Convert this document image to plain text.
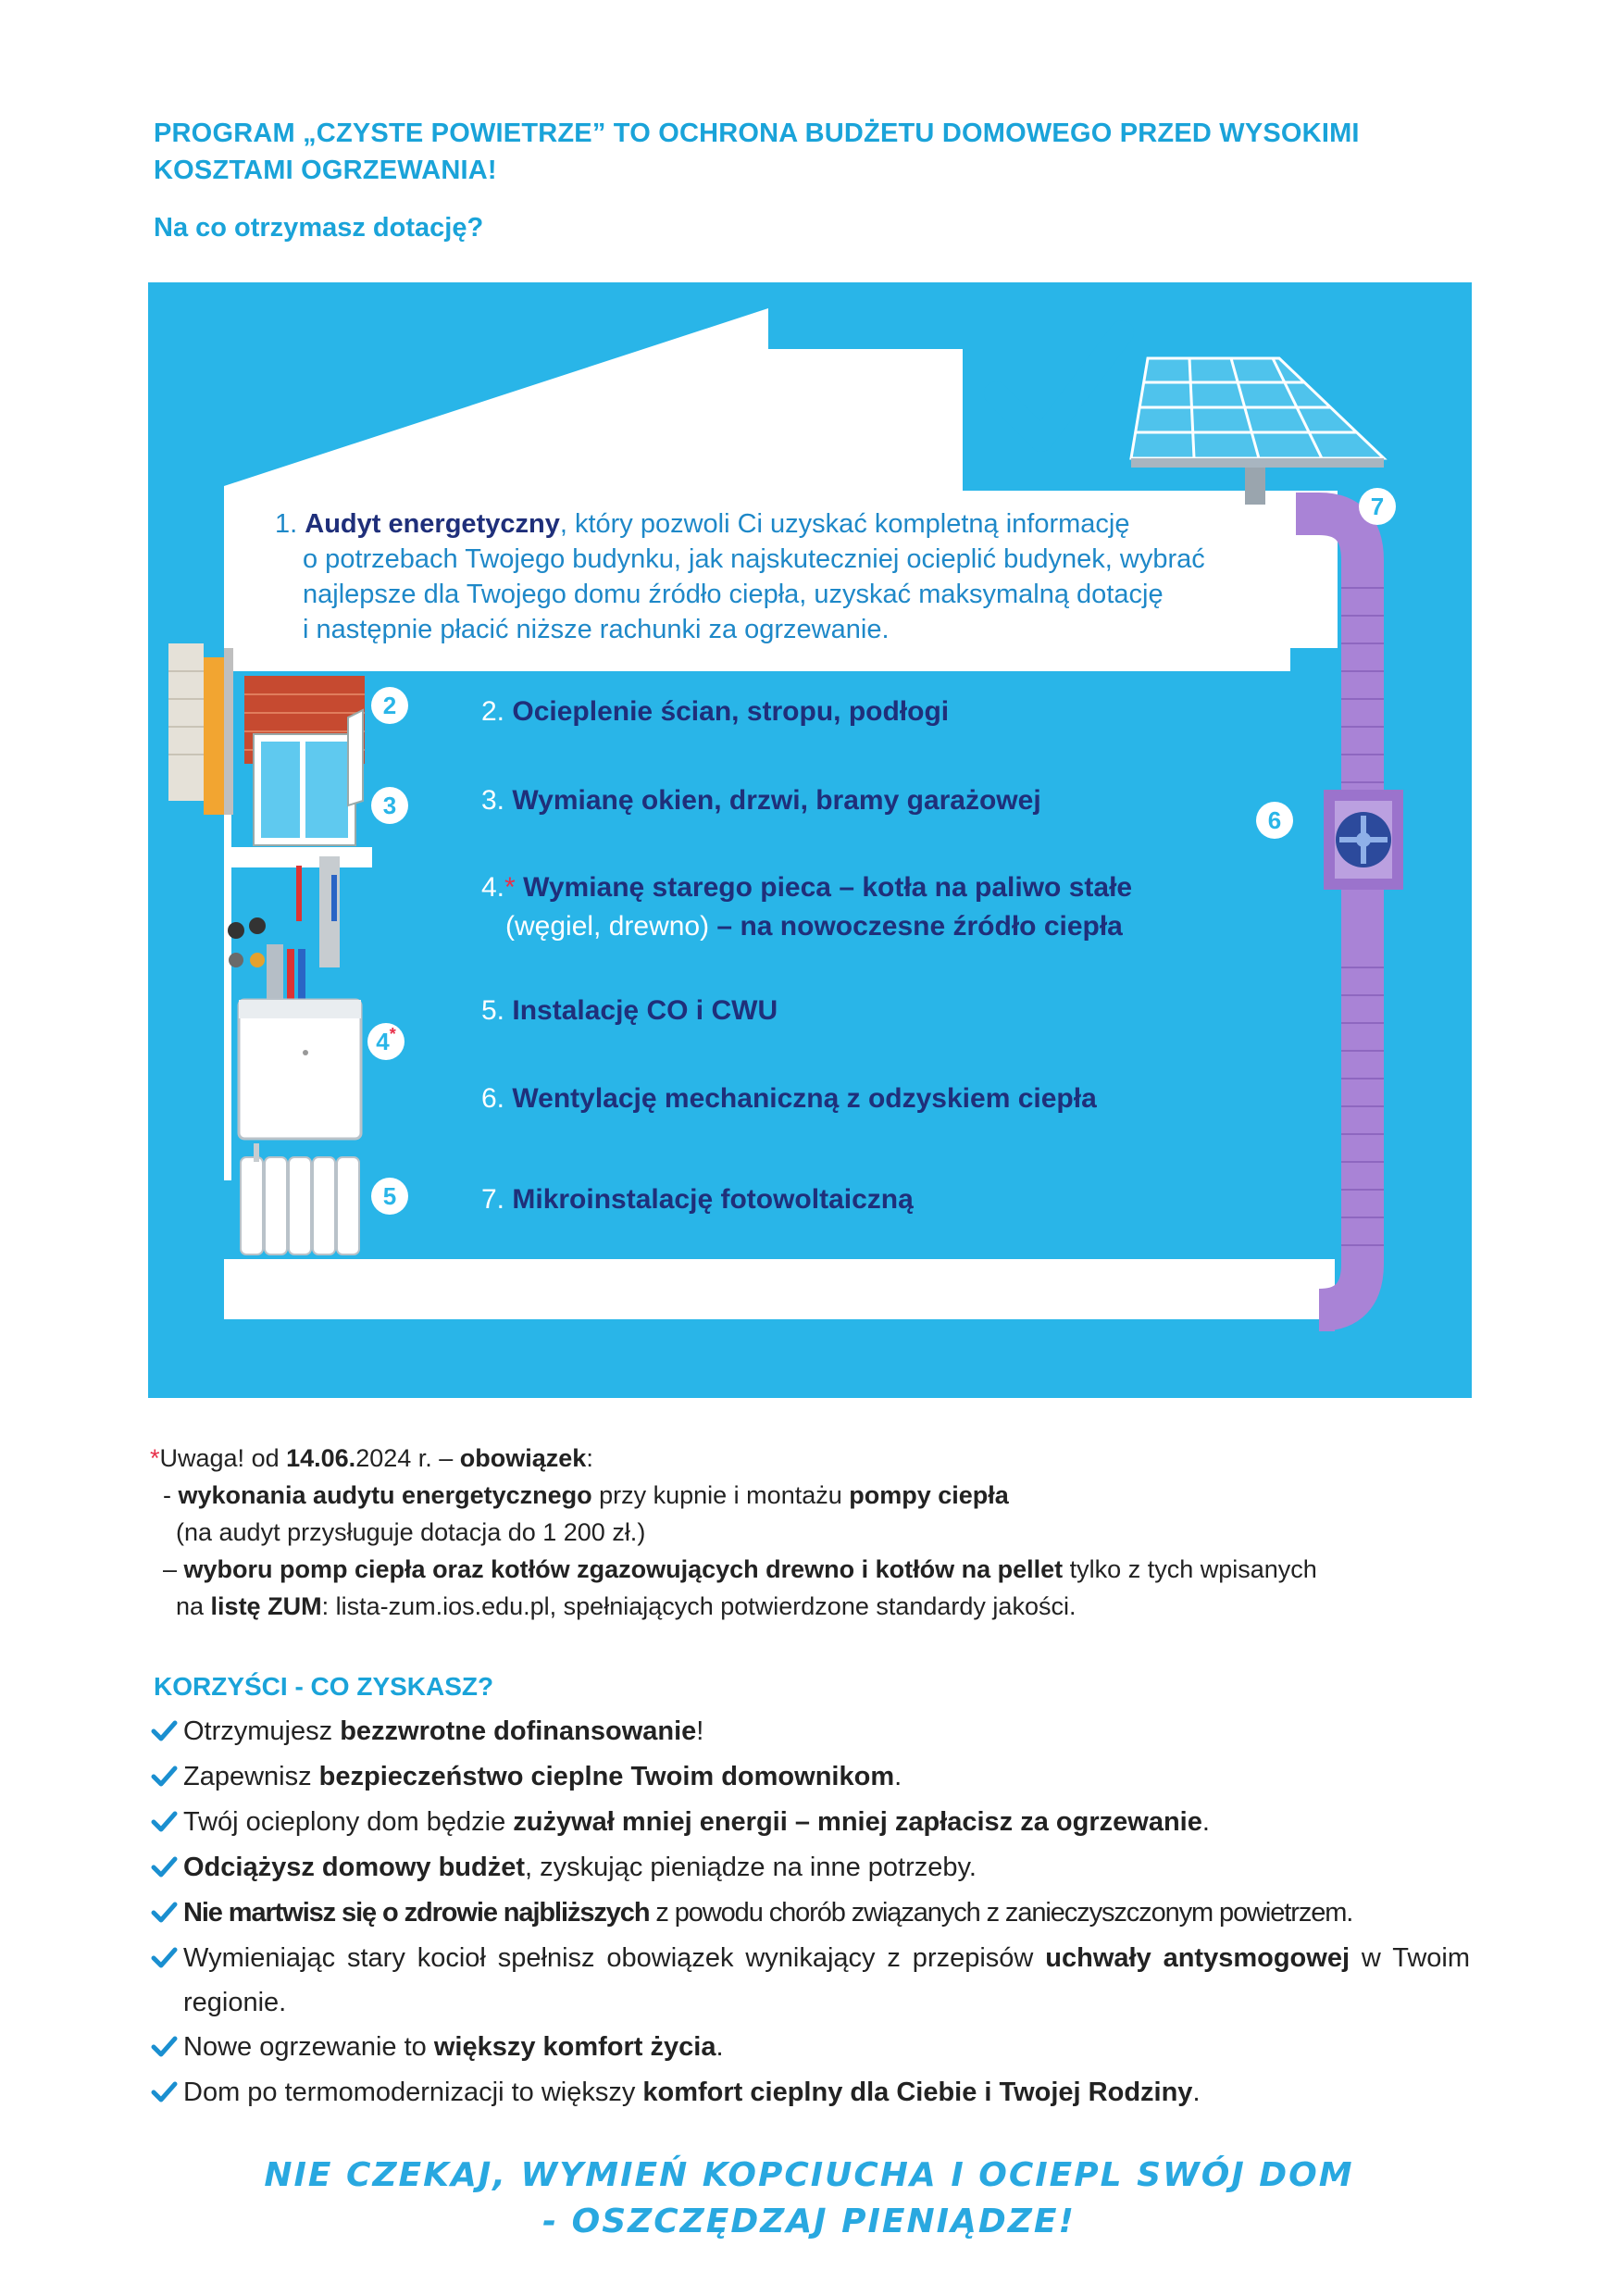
PROGRAM „CZYSTE POWIETRZE” TO OCHRONA BUDŻETU DOMOWEGO PRZED WYSOKIMI
KOSZTAMI OGRZEWANIA!
Na co otrzymasz dotację?
1. Audyt energetyczny, który pozwoli Ci uzyskać kompletną informację
o potrzebach Twojego budynku, jak najskuteczniej ocieplić budynek, wybrać
najlepsze dla Twojego domu źródło ciepła, uzyskać maksymalną dotację
i następnie płacić niższe rachunki za ogrzewanie.
2. Ocieplenie ścian, stropu, podłogi
3. Wymianę okien, drzwi, bramy garażowej
4.* Wymianę starego pieca – kotła na paliwo stałe
(węgiel, drewno) – na nowoczesne źródło ciepła
5. Instalację CO i CWU
6. Wentylację mechaniczną z odzyskiem ciepła
7. Mikroinstalację fotowoltaiczną
2
3
4*
5
6
7
*Uwaga! od 14.06.2024 r. – obowiązek:
- wykonania audytu energetycznego przy kupnie i montażu pompy ciepła
(na audyt przysługuje dotacja do 1 200 zł.)
– wyboru pomp ciepła oraz kotłów zgazowujących drewno i kotłów na pellet tylko z tych wpisanych
na listę ZUM: lista-zum.ios.edu.pl, spełniających potwierdzone standardy jakości.
KORZYŚCI - CO ZYSKASZ?
Otrzymujesz bezzwrotne dofinansowanie!
Zapewnisz bezpieczeństwo cieplne Twoim domownikom.
Twój ocieplony dom będzie zużywał mniej energii – mniej zapłacisz za ogrzewanie.
Odciążysz domowy budżet, zyskując pieniądze na inne potrzeby.
Nie martwisz się o zdrowie najbliższych z powodu chorób związanych z zanieczyszczonym powietrzem.
Wymieniając stary kocioł spełnisz obowiązek wynikający z przepisów uchwały antysmogowej w Twoim regionie.
Nowe ogrzewanie to większy komfort życia.
Dom po termomodernizacji to większy komfort cieplny dla Ciebie i Twojej Rodziny.
NIE CZEKAJ, WYMIEŃ KOPCIUCHA I OCIEPL SWÓJ DOM
- OSZCZĘDZAJ PIENIĄDZE!
